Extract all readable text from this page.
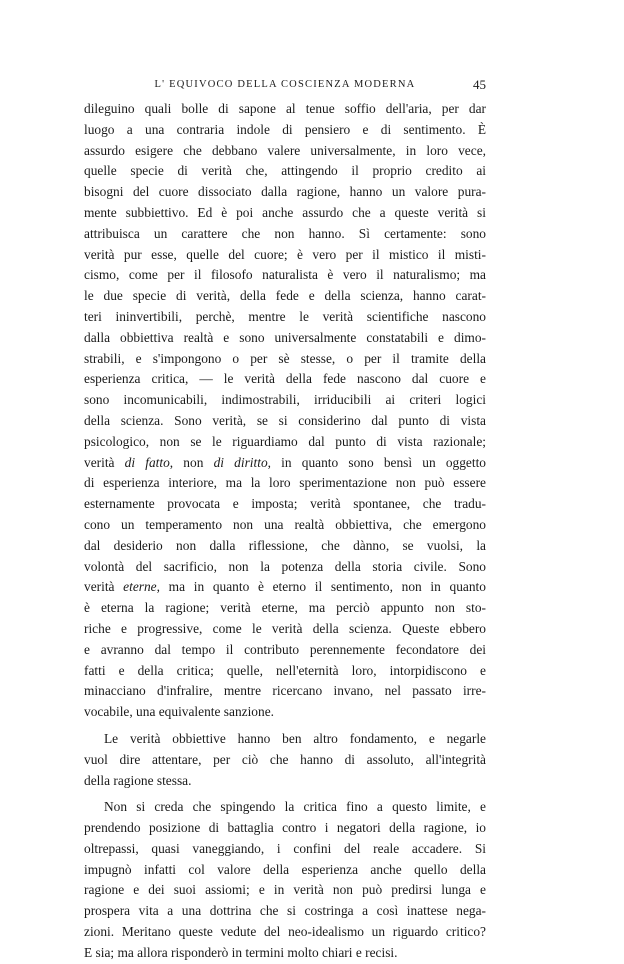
L' EQUIVOCO DELLA COSCIENZA MODERNA	45
dileguino quali bolle di sapone al tenue soffio dell'aria, per dar
luogo a una contraria indole di pensiero e di sentimento. È
assurdo esigere che debbano valere universalmente, in loro vece,
quelle specie di verità che, attingendo il proprio credito ai
bisogni del cuore dissociato dalla ragione, hanno un valore pura-
mente subbiettivo. Ed è poi anche assurdo che a queste verità si
attribuisca un carattere che non hanno. Sì certamente: sono
verità pur esse, quelle del cuore; è vero per il mistico il misti-
cismo, come per il filosofo naturalista è vero il naturalismo; ma
le due specie di verità, della fede e della scienza, hanno carat-
teri ininvertibili, perchè, mentre le verità scientifiche nascono
dalla obbiettiva realtà e sono universalmente constatabili e dimo-
strabili, e s'impongono o per sè stesse, o per il tramite della
esperienza critica, — le verità della fede nascono dal cuore e
sono incomunicabili, indimostrabili, irriducibili ai criteri logici
della scienza. Sono verità, se si considerino dal punto di vista
psicologico, non se le riguardiamo dal punto di vista razionale;
verità di fatto, non di diritto, in quanto sono bensì un oggetto
di esperienza interiore, ma la loro sperimentazione non può essere
esternamente provocata e imposta; verità spontanee, che tradu-
cono un temperamento non una realtà obbiettiva, che emergono
dal desiderio non dalla riflessione, che dànno, se vuolsi, la
volontà del sacrificio, non la potenza della storia civile. Sono
verità eterne, ma in quanto è eterno il sentimento, non in quanto
è eterna la ragione; verità eterne, ma perciò appunto non sto-
riche e progressive, come le verità della scienza. Queste ebbero
e avranno dal tempo il contributo perennemente fecondatore dei
fatti e della critica; quelle, nell'eternità loro, intorpidiscono e
minacciano d'infralire, mentre ricercano invano, nel passato irre-
vocabile, una equivalente sanzione.
Le verità obbiettive hanno ben altro fondamento, e negarle
vuol dire attentare, per ciò che hanno di assoluto, all'integrità
della ragione stessa.
Non si creda che spingendo la critica fino a questo limite, e
prendendo posizione di battaglia contro i negatori della ragione, io
oltrepassi, quasi vaneggiando, i confini del reale accadere. Si
impugnò infatti col valore della esperienza anche quello della
ragione e dei suoi assiomi; e in verità non può predirsi lunga e
prospera vita a una dottrina che si costringa a così inattese nega-
zioni. Meritano queste vedute del neo-idealismo un riguardo critico?
E sia; ma allora risponderò in termini molto chiari e recisi.
